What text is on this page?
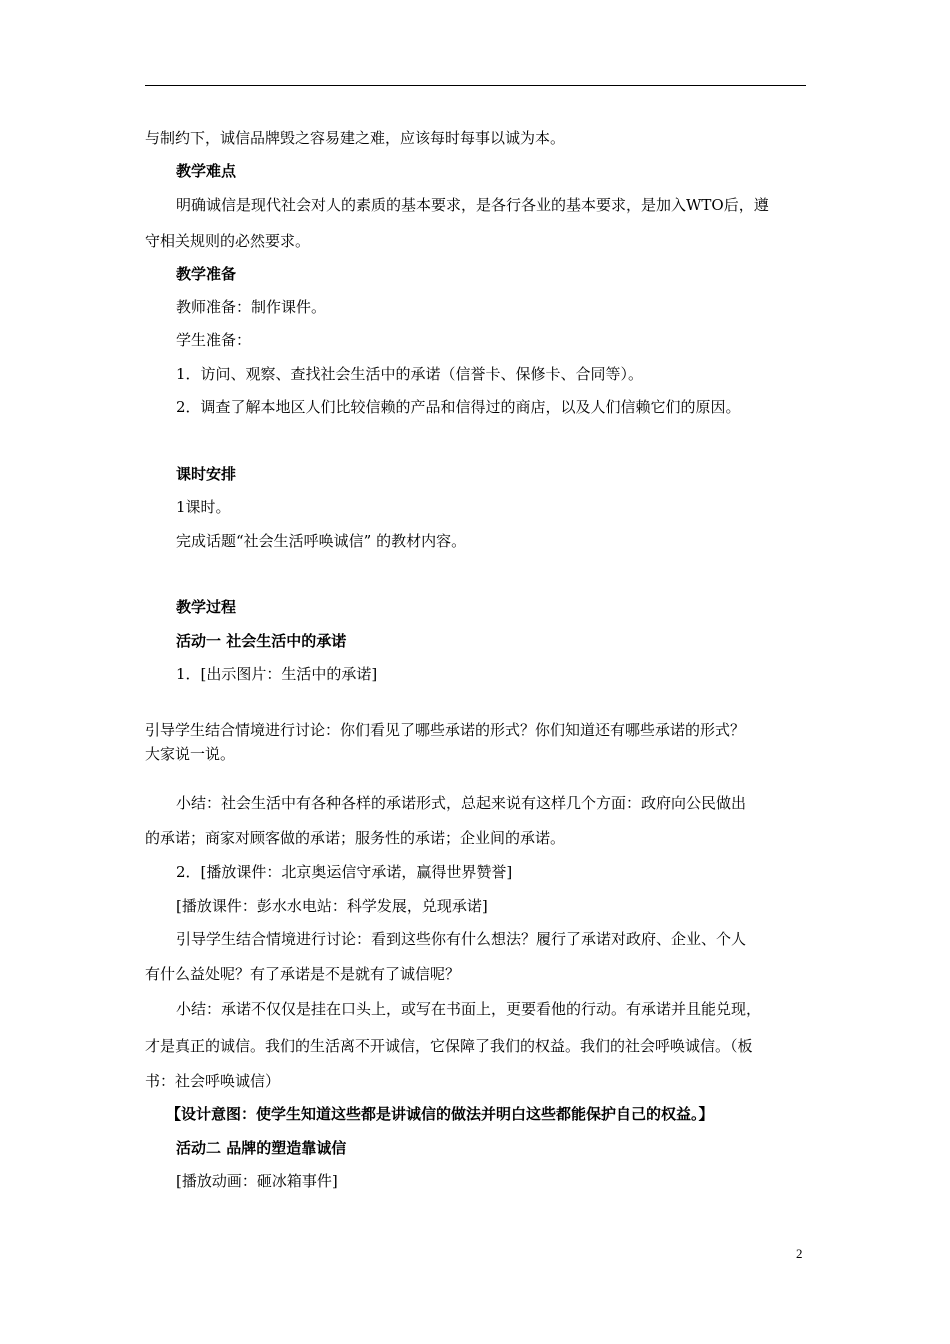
与制约下，诚信品牌毁之容易建之难，应该每时每事以诚为本。
教学难点
明确诚信是现代社会对人的素质的基本要求，是各行各业的基本要求，是加入WTO后，遵
守相关规则的必然要求。
教学准备
教师准备：制作课件。
学生准备：
1．访问、观察、查找社会生活中的承诺（信誉卡、保修卡、合同等）。
2．调查了解本地区人们比较信赖的产品和信得过的商店，以及人们信赖它们的原因。
课时安排
1课时。
完成话题“社会生活呼唤诚信” 的教材内容。
教学过程
活动一 社会生活中的承诺
1．[出示图片：生活中的承诺]
引导学生结合情境进行讨论：你们看见了哪些承诺的形式？你们知道还有哪些承诺的形式？
大家说一说。
小结：社会生活中有各种各样的承诺形式，总起来说有这样几个方面：政府向公民做出
的承诺；商家对顾客做的承诺；服务性的承诺；企业间的承诺。
2．[播放课件：北京奥运信守承诺，赢得世界赞誉]
[播放课件：彭水水电站：科学发展，兑现承诺]
引导学生结合情境进行讨论：看到这些你有什么想法？履行了承诺对政府、企业、个人
有什么益处呢？有了承诺是不是就有了诚信呢？
小结：承诺不仅仅是挂在口头上，或写在书面上，更要看他的行动。有承诺并且能兑现，
才是真正的诚信。我们的生活离不开诚信，它保障了我们的权益。我们的社会呼唤诚信。（板
书：社会呼唤诚信）
【设计意图：使学生知道这些都是讲诚信的做法并明白这些都能保护自己的权益。】
活动二 品牌的塑造靠诚信
[播放动画：砸冰箱事件]
2
